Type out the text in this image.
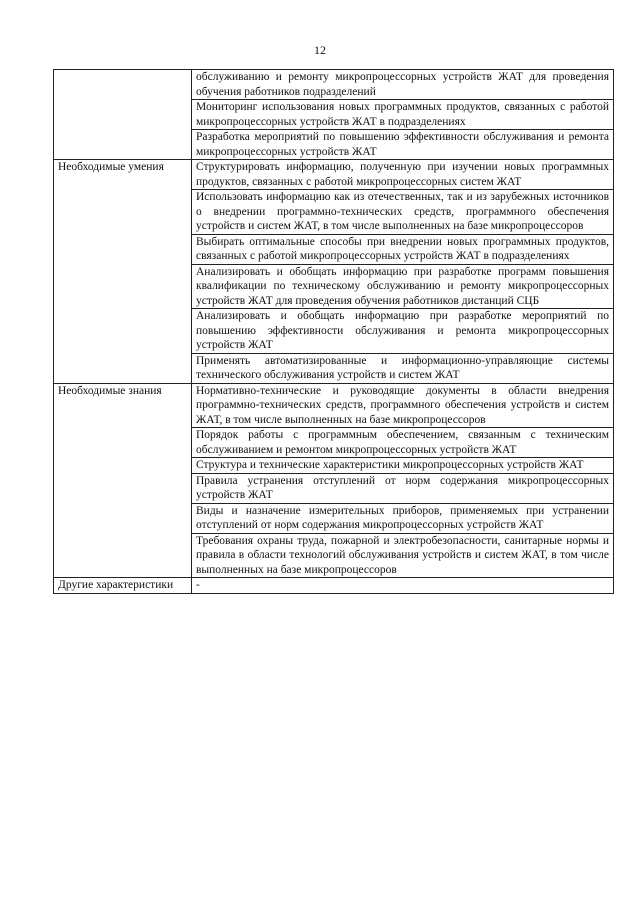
12
	обслуживанию и ремонту микропроцессорных устройств ЖАТ для проведения обучения работников подразделений
	Мониторинг использования новых программных продуктов, связанных с работой микропроцессорных устройств ЖАТ в подразделениях
	Разработка мероприятий по повышению эффективности обслуживания и ремонта микропроцессорных устройств ЖАТ
Необходимые умения	Структурировать информацию, полученную при изучении новых программных продуктов, связанных с работой микропроцессорных систем ЖАТ
	Использовать информацию как из отечественных, так и из зарубежных источников о внедрении программно-технических средств, программного обеспечения устройств и систем ЖАТ, в том числе выполненных на базе микропроцессоров
	Выбирать оптимальные способы при внедрении новых программных продуктов, связанных с работой микропроцессорных устройств ЖАТ в подразделениях
	Анализировать и обобщать информацию при разработке программ повышения квалификации по техническому обслуживанию и ремонту микропроцессорных устройств ЖАТ для проведения обучения работников дистанций СЦБ
	Анализировать и обобщать информацию при разработке мероприятий по повышению эффективности обслуживания и ремонта микропроцессорных устройств ЖАТ
	Применять автоматизированные и информационно-управляющие системы технического обслуживания устройств и систем ЖАТ
Необходимые знания	Нормативно-технические и руководящие документы в области внедрения программно-технических средств, программного обеспечения устройств и систем ЖАТ, в том числе выполненных на базе микропроцессоров
	Порядок работы с программным обеспечением, связанным с техническим обслуживанием и ремонтом микропроцессорных устройств ЖАТ
	Структура и технические характеристики микропроцессорных устройств ЖАТ
	Правила устранения отступлений от норм содержания микропроцессорных устройств ЖАТ
	Виды и назначение измерительных приборов, применяемых при устранении отступлений от норм содержания микропроцессорных устройств ЖАТ
	Требования охраны труда, пожарной и электробезопасности, санитарные нормы и правила в области технологий обслуживания устройств и систем ЖАТ, в том числе выполненных на базе микропроцессоров
Другие характеристики	-
